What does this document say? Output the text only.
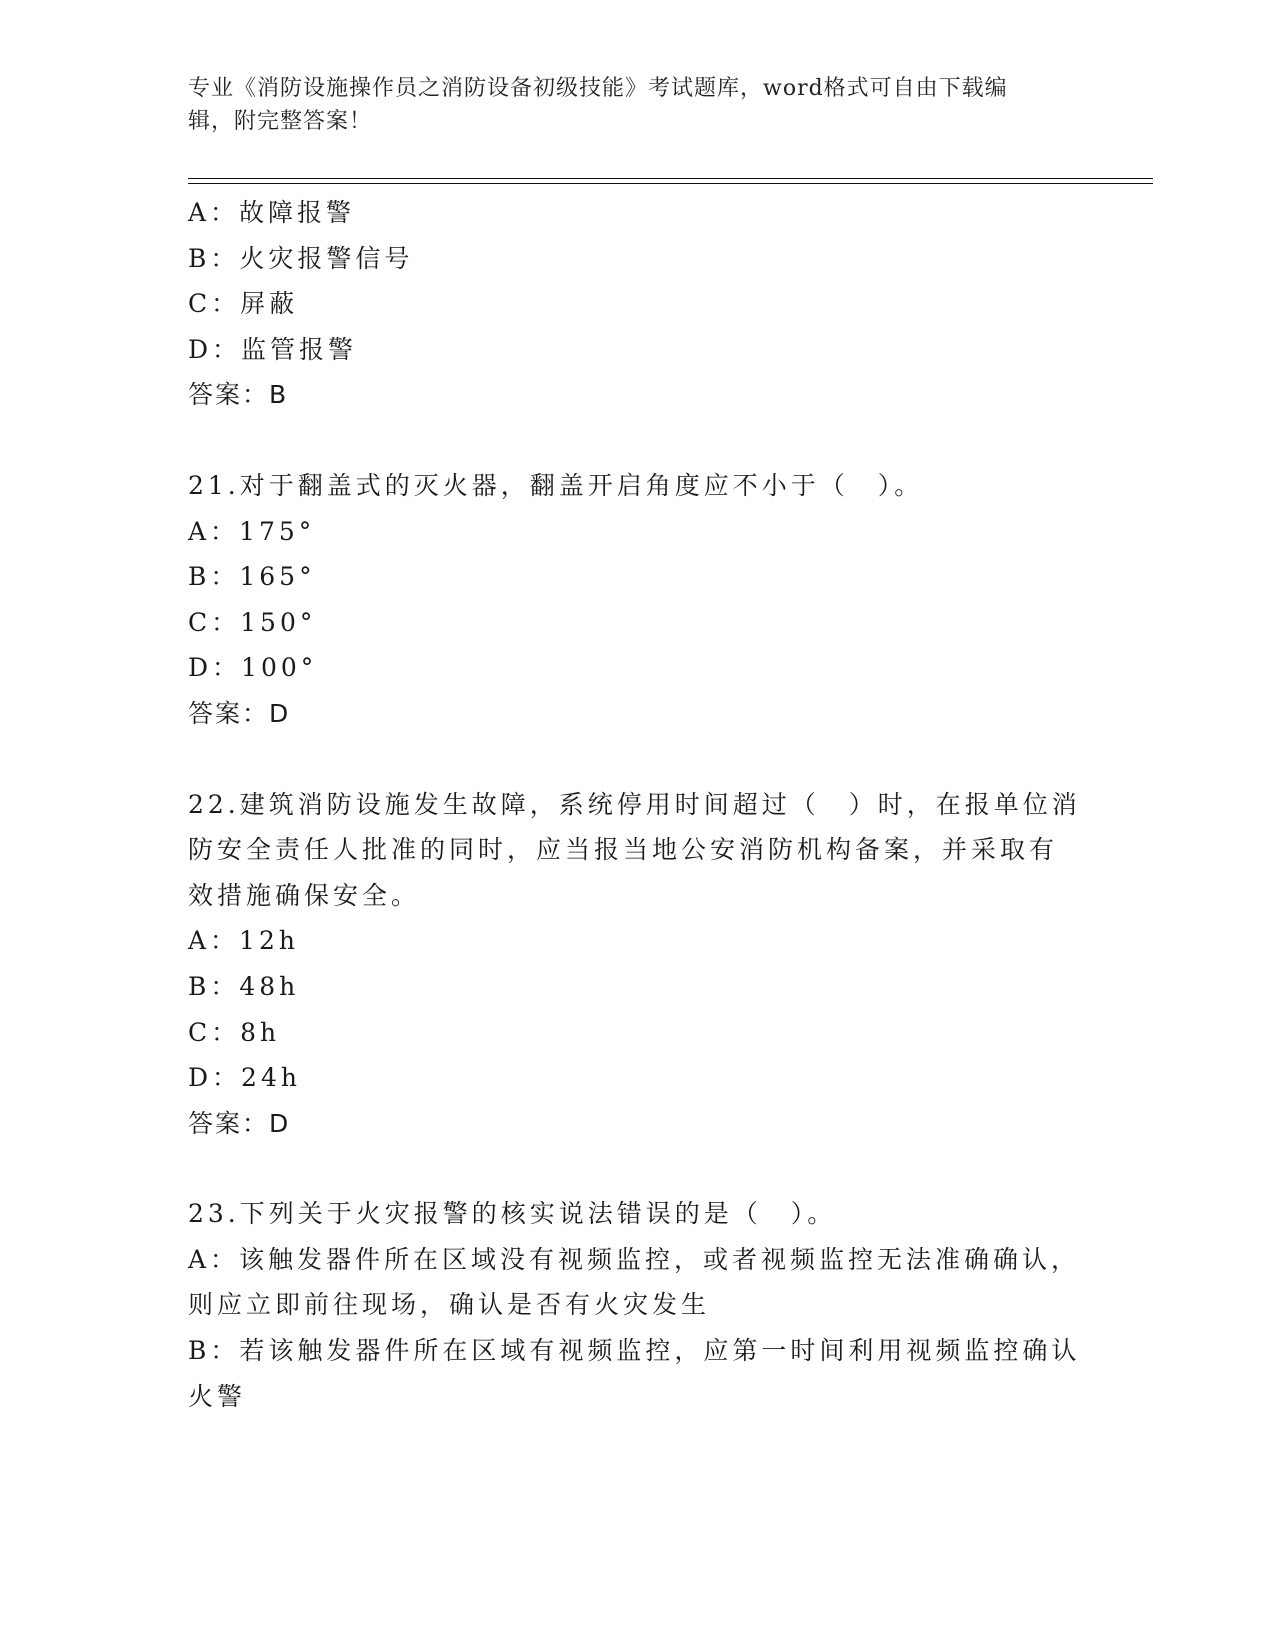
专业《消防设施操作员之消防设备初级技能》考试题库，word格式可自由下载编
辑，附完整答案！
A：故障报警
B：火灾报警信号
C：屏蔽
D：监管报警
答案：B
21.对于翻盖式的灭火器，翻盖开启角度应不小于（　）。
A：175°
B：165°
C：150°
D：100°
答案：D
22.建筑消防设施发生故障，系统停用时间超过（　）时，在报单位消
防安全责任人批准的同时，应当报当地公安消防机构备案，并采取有
效措施确保安全。
A：12h
B：48h
C：8h
D：24h
答案：D
23.下列关于火灾报警的核实说法错误的是（　）。
A：该触发器件所在区域没有视频监控，或者视频监控无法准确确认，
则应立即前往现场，确认是否有火灾发生
B：若该触发器件所在区域有视频监控，应第一时间利用视频监控确认
火警
